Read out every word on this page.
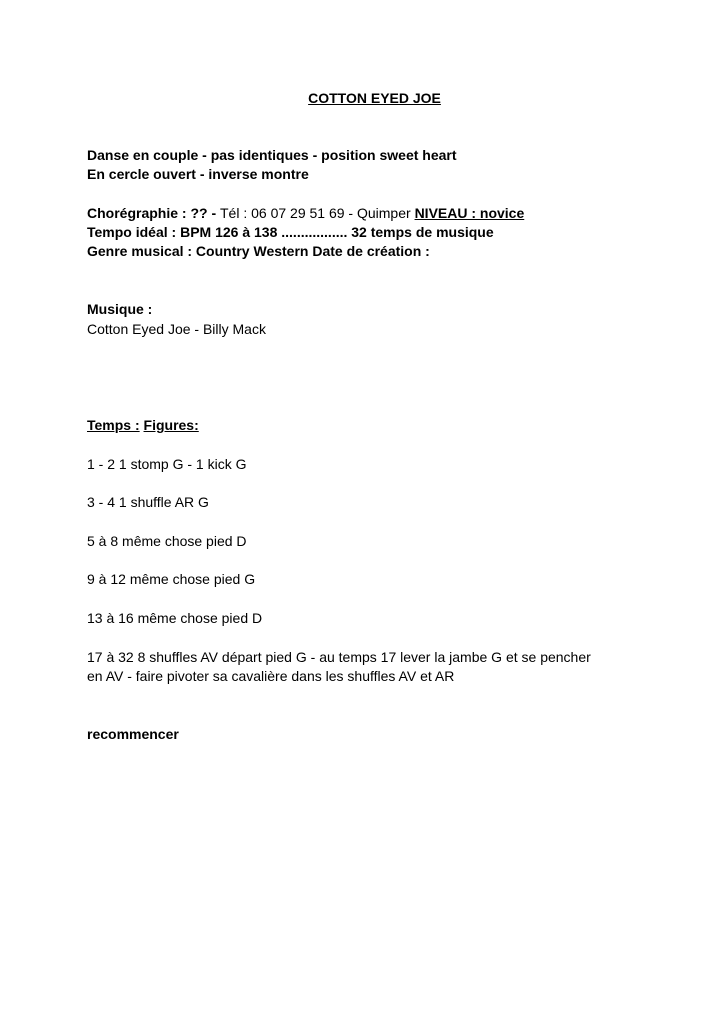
COTTON EYED JOE
Danse en couple - pas identiques - position sweet heart
En cercle ouvert - inverse montre
Chorégraphie : ?? - Tél : 06 07 29 51 69 - Quimper NIVEAU : novice
Tempo idéal : BPM 126 à 138 ................. 32 temps de musique
Genre musical : Country Western Date de création :
Musique :
Cotton Eyed Joe - Billy Mack
Temps : Figures:
1 - 2 1 stomp G - 1 kick G
3 - 4 1 shuffle AR G
5 à 8 même chose pied D
9 à 12 même chose pied G
13 à 16 même chose pied D
17 à 32 8 shuffles AV départ pied G - au temps 17 lever la jambe G et se pencher
en AV - faire pivoter sa cavalière dans les shuffles AV et AR
recommencer
